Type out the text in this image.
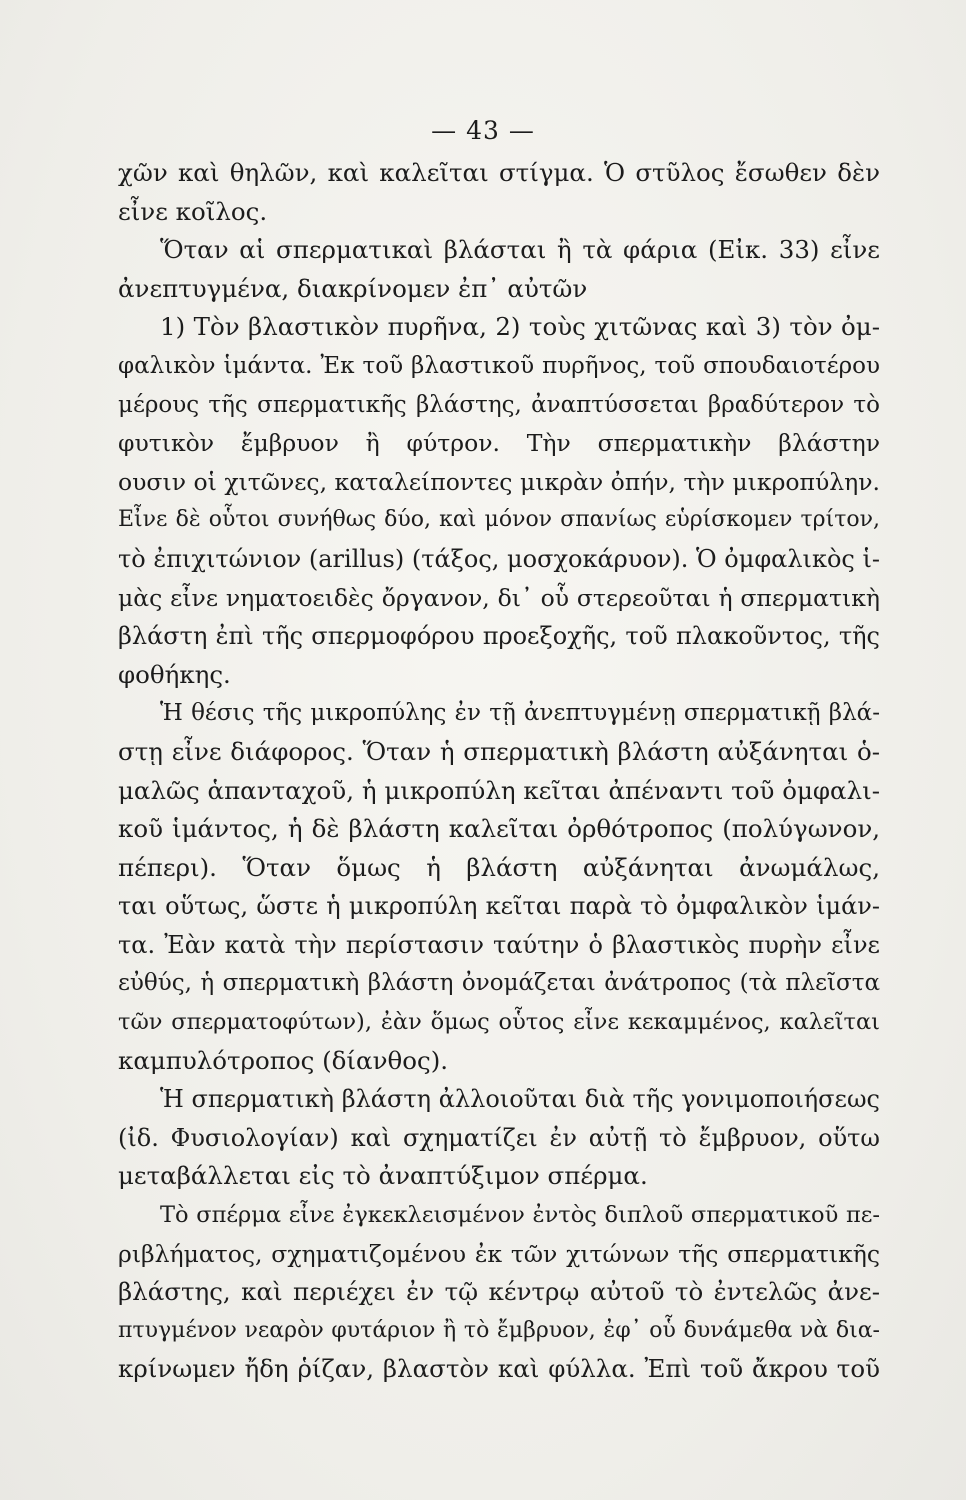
— 43 —
χῶν καὶ θηλῶν, καὶ καλεῖται στίγμα. Ὁ στῦλος ἔσωθεν δὲν
εἶνε κοῖλος.
Ὅταν αἱ σπερματικαὶ βλάσται ἢ τὰ φάρια (Εἰκ. 33) εἶνε
ἀνεπτυγμένα, διακρίνομεν ἐπ᾽ αὐτῶν
1) Τὸν βλαστικὸν πυρῆνα, 2) τοὺς χιτῶνας καὶ 3) τὸν ὀμ-
φαλικὸν ἱμάντα. Ἐκ τοῦ βλαστικοῦ πυρῆνος, τοῦ σπουδαιοτέρου
μέρους τῆς σπερματικῆς βλάστης, ἀναπτύσσεται βραδύτερον τὸ
φυτικὸν ἔμβρυον ἢ φύτρον. Τὴν σπερματικὴν βλάστην
ουσιν οἱ χιτῶνες, καταλείποντες μικρὰν ὀπήν, τὴν μικροπύλην.
Εἶνε δὲ οὗτοι συνήθως δύο, καὶ μόνον σπανίως εὑρίσκομεν τρίτον,
τὸ ἐπιχιτώνιον (arillus) (τάξος, μοσχοκάρυον). Ὁ ὀμφαλικὸς ἱ-
μὰς εἶνε νηματοειδὲς ὄργανον, δι᾽ οὗ στερεοῦται ἡ σπερματικὴ
βλάστη ἐπὶ τῆς σπερμοφόρου προεξοχῆς, τοῦ πλακοῦντος, τῆς
φοθήκης.
Ἡ θέσις τῆς μικροπύλης ἐν τῇ ἀνεπτυγμένῃ σπερματικῇ βλά-
στῃ εἶνε διάφορος. Ὅταν ἡ σπερματικὴ βλάστη αὐξάνηται ὁ-
μαλῶς ἁπανταχοῦ, ἡ μικροπύλη κεῖται ἀπέναντι τοῦ ὀμφαλι-
κοῦ ἱμάντος, ἡ δὲ βλάστη καλεῖται ὀρθότροπος (πολύγωνον,
πέπερι). Ὅταν ὅμως ἡ βλάστη αὐξάνηται ἀνωμάλως,
ται οὕτως, ὥστε ἡ μικροπύλη κεῖται παρὰ τὸ ὀμφαλικὸν ἱμάν-
τα. Ἐὰν κατὰ τὴν περίστασιν ταύτην ὁ βλαστικὸς πυρὴν εἶνε
εὐθύς, ἡ σπερματικὴ βλάστη ὀνομάζεται ἀνάτροπος (τὰ πλεῖστα
τῶν σπερματοφύτων), ἐὰν ὅμως οὗτος εἶνε κεκαμμένος, καλεῖται
καμπυλότροπος (δίανθος).
Ἡ σπερματικὴ βλάστη ἀλλοιοῦται διὰ τῆς γονιμοποιήσεως
(ἰδ. Φυσιολογίαν) καὶ σχηματίζει ἐν αὐτῇ τὸ ἔμβρυον, οὕτω
μεταβάλλεται εἰς τὸ ἀναπτύξιμον σπέρμα.
Τὸ σπέρμα εἶνε ἐγκεκλεισμένον ἐντὸς διπλοῦ σπερματικοῦ πε-
ριβλήματος, σχηματιζομένου ἐκ τῶν χιτώνων τῆς σπερματικῆς
βλάστης, καὶ περιέχει ἐν τῷ κέντρῳ αὐτοῦ τὸ ἐντελῶς ἀνε-
πτυγμένον νεαρὸν φυτάριον ἢ τὸ ἔμβρυον, ἐφ᾽ οὗ δυνάμεθα νὰ δια-
κρίνωμεν ἤδη ῥίζαν, βλαστὸν καὶ φύλλα. Ἐπὶ τοῦ ἄκρου τοῦ
